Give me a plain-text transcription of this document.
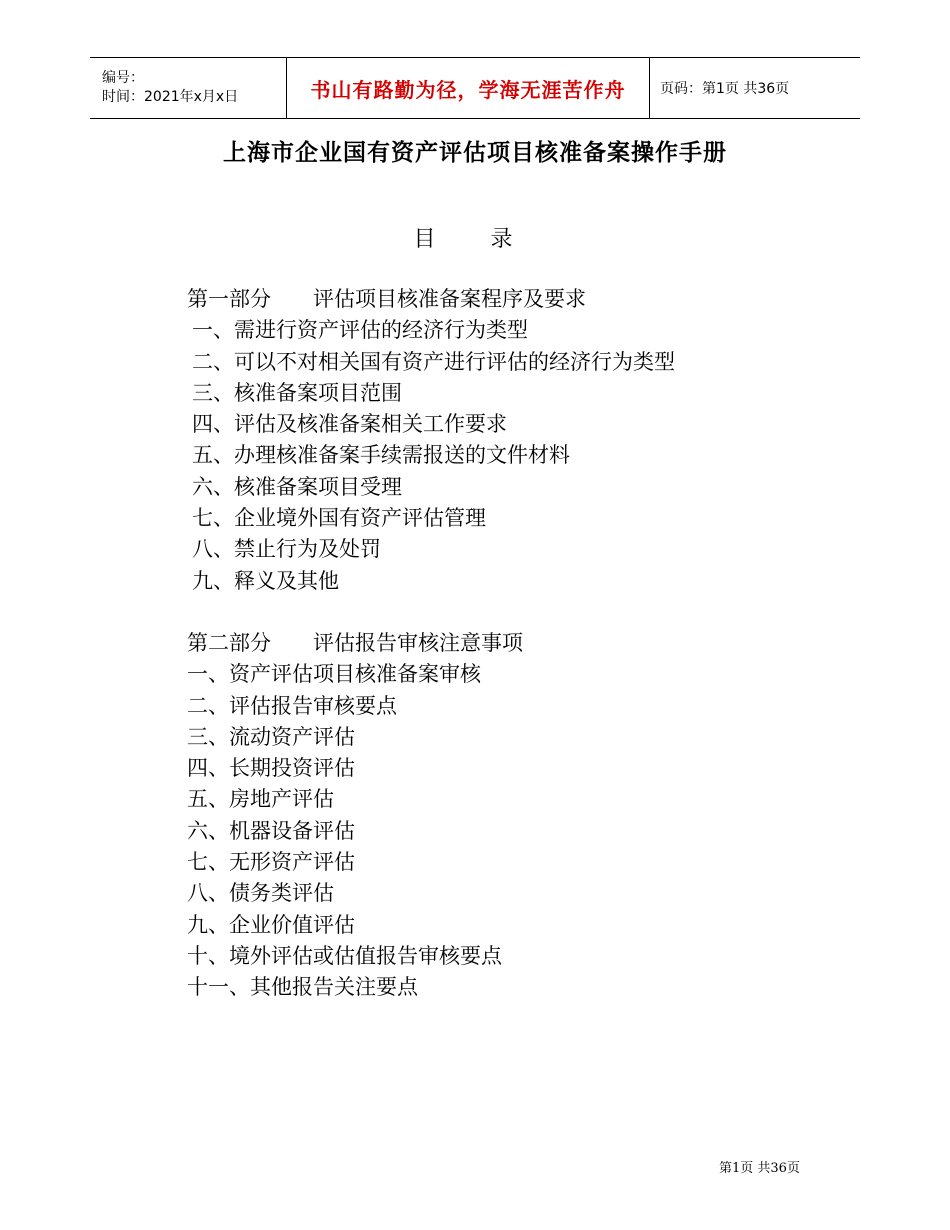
编号：
时间：2021年x月x日	书山有路勤为径，学海无涯苦作舟	页码：第1页 共36页
上海市企业国有资产评估项目核准备案操作手册
目 录
第一部分 评估项目核准备案程序及要求
一、需进行资产评估的经济行为类型
二、可以不对相关国有资产进行评估的经济行为类型
三、核准备案项目范围
四、评估及核准备案相关工作要求
五、办理核准备案手续需报送的文件材料
六、核准备案项目受理
七、企业境外国有资产评估管理
八、禁止行为及处罚
九、释义及其他
第二部分 评估报告审核注意事项
一、资产评估项目核准备案审核
二、评估报告审核要点
三、流动资产评估
四、长期投资评估
五、房地产评估
六、机器设备评估
七、无形资产评估
八、债务类评估
九、企业价值评估
十、境外评估或估值报告审核要点
十一、其他报告关注要点
第1页 共36页
